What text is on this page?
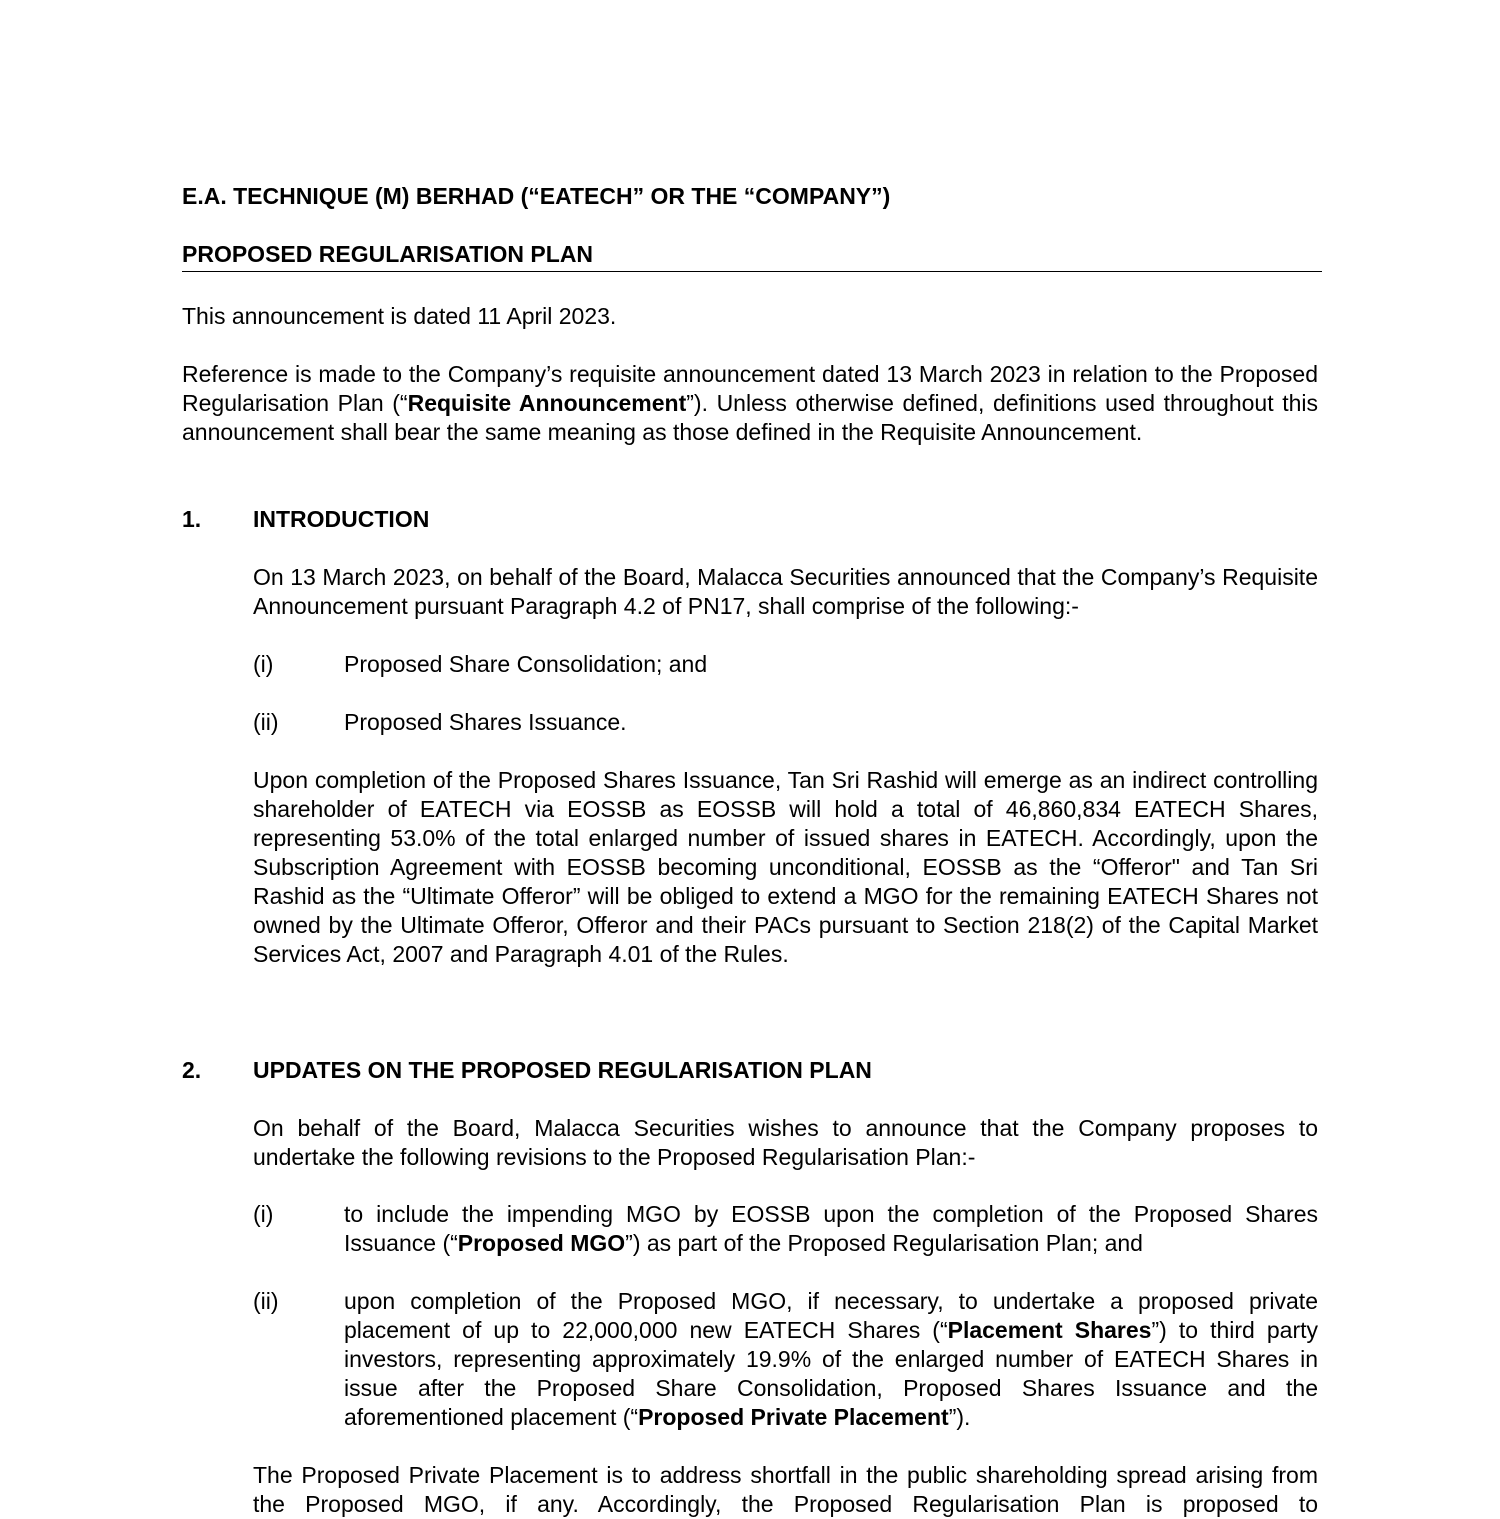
E.A. TECHNIQUE (M) BERHAD (“EATECH” OR THE “COMPANY”)
PROPOSED REGULARISATION PLAN
This announcement is dated 11 April 2023.
Reference is made to the Company’s requisite announcement dated 13 March 2023 in relation to the Proposed Regularisation Plan (“Requisite Announcement”). Unless otherwise defined, definitions used throughout this announcement shall bear the same meaning as those defined in the Requisite Announcement.
1. INTRODUCTION
On 13 March 2023, on behalf of the Board, Malacca Securities announced that the Company’s Requisite Announcement pursuant Paragraph 4.2 of PN17, shall comprise of the following:-
(i)	Proposed Share Consolidation; and
(ii)	Proposed Shares Issuance.
Upon completion of the Proposed Shares Issuance, Tan Sri Rashid will emerge as an indirect controlling shareholder of EATECH via EOSSB as EOSSB will hold a total of 46,860,834 EATECH Shares, representing 53.0% of the total enlarged number of issued shares in EATECH. Accordingly, upon the Subscription Agreement with EOSSB becoming unconditional, EOSSB as the “Offeror" and Tan Sri Rashid as the “Ultimate Offeror” will be obliged to extend a MGO for the remaining EATECH Shares not owned by the Ultimate Offeror, Offeror and their PACs pursuant to Section 218(2) of the Capital Market Services Act, 2007 and Paragraph 4.01 of the Rules.
2. UPDATES ON THE PROPOSED REGULARISATION PLAN
On behalf of the Board, Malacca Securities wishes to announce that the Company proposes to undertake the following revisions to the Proposed Regularisation Plan:-
(i)	to include the impending MGO by EOSSB upon the completion of the Proposed Shares Issuance (“Proposed MGO”) as part of the Proposed Regularisation Plan; and
(ii)	upon completion of the Proposed MGO, if necessary, to undertake a proposed private placement of up to 22,000,000 new EATECH Shares (“Placement Shares”) to third party investors, representing approximately 19.9% of the enlarged number of EATECH Shares in issue after the Proposed Share Consolidation, Proposed Shares Issuance and the aforementioned placement (“Proposed Private Placement”).
The Proposed Private Placement is to address shortfall in the public shareholding spread arising from the Proposed MGO, if any. Accordingly, the Proposed Regularisation Plan is proposed to
